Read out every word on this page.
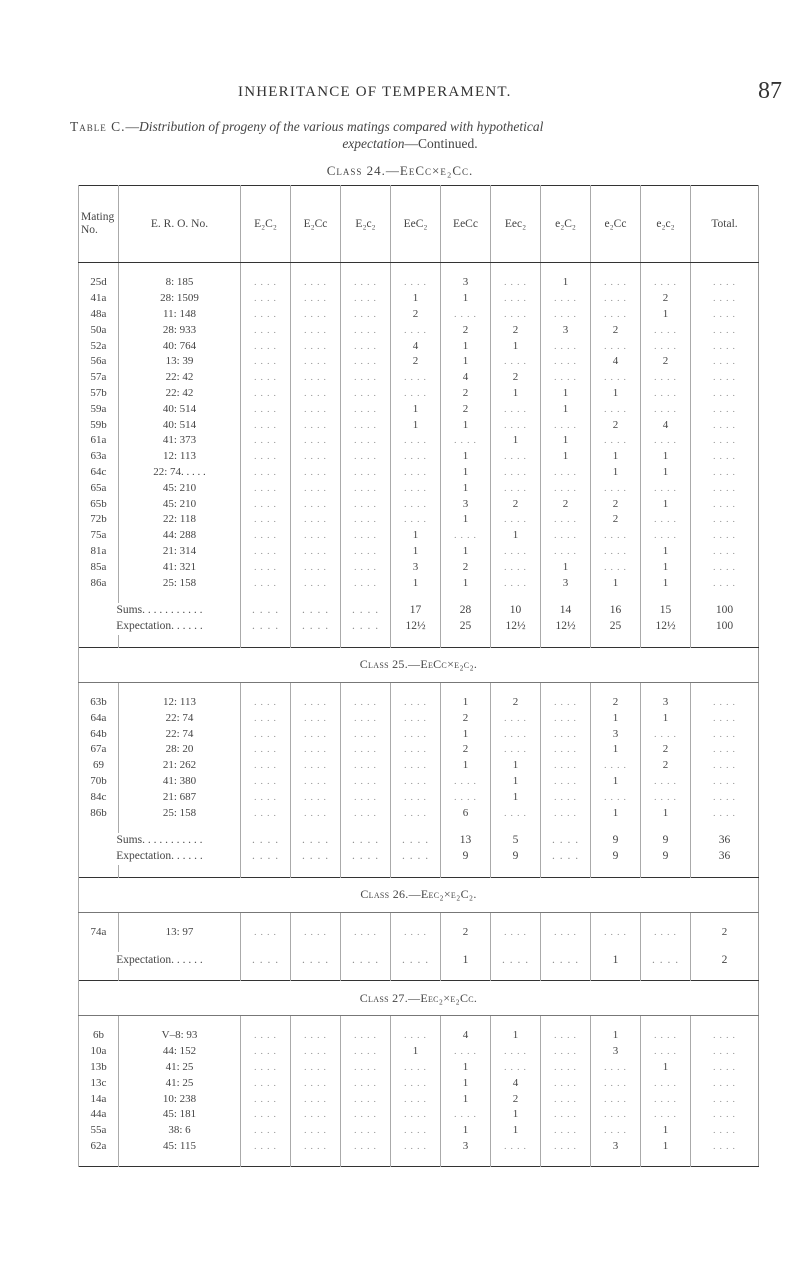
INHERITANCE OF TEMPERAMENT.	87
Table C.—Distribution of progeny of the various matings compared with hypothetical
expectation—Continued.
Class 24.—EeCc×e₂Cc.
Mating No.	E. R. O. No.	E₂C₂	E₂Cc	E₂c₂	EeC₂	EeCc	Eec₂	e₂C₂	e₂Cc	e₂c₂	Total.

25d	8: 185	. . . .	. . . .	. . . .	. . . .	3	. . . .	1	. . . .	. . . .	. . . .
41a	28: 1509	. . . .	. . . .	. . . .	1	1	. . . .	. . . .	. . . .	2	. . . .
48a	11: 148	. . . .	. . . .	. . . .	2	. . . .	. . . .	. . . .	. . . .	1	. . . .
50a	28: 933	. . . .	. . . .	. . . .	. . . .	2	2	3	2	. . . .	. . . .
52a	40: 764	. . . .	. . . .	. . . .	4	1	1	. . . .	. . . .	. . . .	. . . .
56a	13: 39	. . . .	. . . .	. . . .	2	1	. . . .	. . . .	4	2	. . . .
57a	22: 42	. . . .	. . . .	. . . .	. . . .	4	2	. . . .	. . . .	. . . .	. . . .
57b	22: 42	. . . .	. . . .	. . . .	. . . .	2	1	1	1	. . . .	. . . .
59a	40: 514	. . . .	. . . .	. . . .	1	2	. . . .	1	. . . .	. . . .	. . . .
59b	40: 514	. . . .	. . . .	. . . .	1	1	. . . .	. . . .	2	4	. . . .
61a	41: 373	. . . .	. . . .	. . . .	. . . .	. . . .	1	1	. . . .	. . . .	. . . .
63a	12: 113	. . . .	. . . .	. . . .	. . . .	1	. . . .	1	1	1	. . . .
64c	22: 74. . . . .	. . . .	. . . .	. . . .	. . . .	1	. . . .	. . . .	1	1	. . . .
65a	45: 210	. . . .	. . . .	. . . .	. . . .	1	. . . .	. . . .	. . . .	. . . .	. . . .
65b	45: 210	. . . .	. . . .	. . . .	. . . .	3	2	2	2	1	. . . .
72b	22: 118	. . . .	. . . .	. . . .	. . . .	1	. . . .	. . . .	2	. . . .	. . . .
75a	44: 288	. . . .	. . . .	. . . .	1	. . . .	1	. . . .	. . . .	. . . .	. . . .
81a	21: 314	. . . .	. . . .	. . . .	1	1	. . . .	. . . .	. . . .	1	. . . .
85a	41: 321	. . . .	. . . .	. . . .	3	2	. . . .	1	. . . .	1	. . . .
86a	25: 158	. . . .	. . . .	. . . .	1	1	. . . .	3	1	1	. . . .

Sums. . . . . . . . . . .		. . . .	. . . .	. . . .	17	28	10	14	16	15	100
Expectation. . . . . .		. . . .	. . . .	. . . .	12½	25	12½	12½	25	12½	100

Class 25.—EeCc×e₂c₂.											

63b	12: 113	. . . .	. . . .	. . . .	. . . .	1	2	. . . .	2	3	. . . .
64a	22: 74	. . . .	. . . .	. . . .	. . . .	2	. . . .	. . . .	1	1	. . . .
64b	22: 74	. . . .	. . . .	. . . .	. . . .	1	. . . .	. . . .	3	. . . .	. . . .
67a	28: 20	. . . .	. . . .	. . . .	. . . .	2	. . . .	. . . .	1	2	. . . .
69	21: 262	. . . .	. . . .	. . . .	. . . .	1	1	. . . .	. . . .	2	. . . .
70b	41: 380	. . . .	. . . .	. . . .	. . . .	. . . .	1	. . . .	1	. . . .	. . . .
84c	21: 687	. . . .	. . . .	. . . .	. . . .	. . . .	1	. . . .	. . . .	. . . .	. . . .
86b	25: 158	. . . .	. . . .	. . . .	. . . .	6	. . . .	. . . .	1	1	. . . .

Sums. . . . . . . . . . .		. . . .	. . . .	. . . .	. . . .	13	5	. . . .	9	9	36
Expectation. . . . . .		. . . .	. . . .	. . . .	. . . .	9	9	. . . .	9	9	36

Class 26.—Eec₂×e₂C₂.											

74a	13: 97	. . . .	. . . .	. . . .	. . . .	2	. . . .	. . . .	. . . .	. . . .	2

Expectation. . . . . .		. . . .	. . . .	. . . .	. . . .	1	. . . .	. . . .	1	. . . .	2

Class 27.—Eec₂×e₂Cc.											

6b	V–8: 93	. . . .	. . . .	. . . .	. . . .	4	1	. . . .	1	. . . .	. . . .
10a	44: 152	. . . .	. . . .	. . . .	1	. . . .	. . . .	. . . .	3	. . . .	. . . .
13b	41: 25	. . . .	. . . .	. . . .	. . . .	1	. . . .	. . . .	. . . .	1	. . . .
13c	41: 25	. . . .	. . . .	. . . .	. . . .	1	4	. . . .	. . . .	. . . .	. . . .
14a	10: 238	. . . .	. . . .	. . . .	. . . .	1	2	. . . .	. . . .	. . . .	. . . .
44a	45: 181	. . . .	. . . .	. . . .	. . . .	. . . .	1	. . . .	. . . .	. . . .	. . . .
55a	38: 6	. . . .	. . . .	. . . .	. . . .	1	1	. . . .	. . . .	1	. . . .
62a	45: 115	. . . .	. . . .	. . . .	. . . .	3	. . . .	. . . .	3	1	. . . .
